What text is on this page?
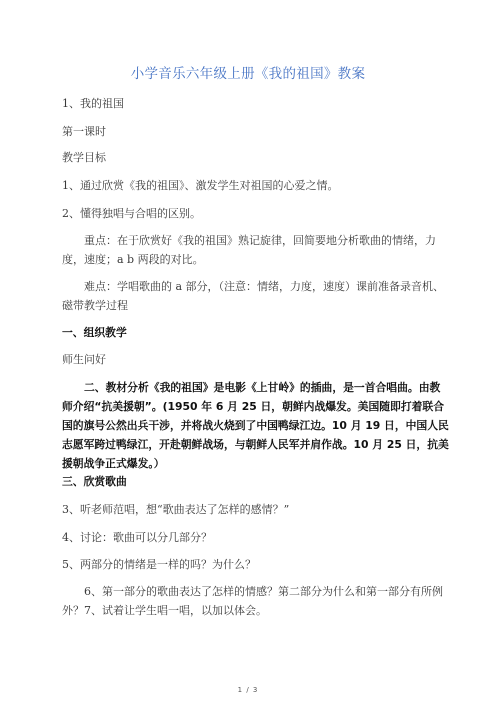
小学音乐六年级上册《我的祖国》教案
1、我的祖国
第一课时
教学目标
1、通过欣赏《我的祖国》、激发学生对祖国的心爱之情。
2、懂得独唱与合唱的区别。
重点：在于欣赏好《我的祖国》熟记旋律，回简要地分析歌曲的情绪，力度，速度；a b 两段的对比。
难点：学唱歌曲的 a 部分，（注意：情绪，力度，速度）课前准备录音机、磁带教学过程
一、组织教学
师生问好
二、教材分析《我的祖国》是电影《上甘岭》的插曲，是一首合唱曲。由教师介绍“抗美援朝”。(1950 年 6 月 25 日，朝鲜内战爆发。美国随即打着联合国的旗号公然出兵干涉，并将战火烧到了中国鸭绿江边。10 月 19 日，中国人民志愿军跨过鸭绿江，开赴朝鲜战场，与朝鲜人民军并肩作战。10 月 25 日，抗美援朝战争正式爆发。）
三、欣赏歌曲
3、听老师范唱，想“歌曲表达了怎样的感情？”
4、讨论：歌曲可以分几部分？
5、两部分的情绪是一样的吗？为什么？
6、第一部分的歌曲表达了怎样的情感？第二部分为什么和第一部分有所例外？7、试着让学生唱一唱，以加以体会。
1 / 3
